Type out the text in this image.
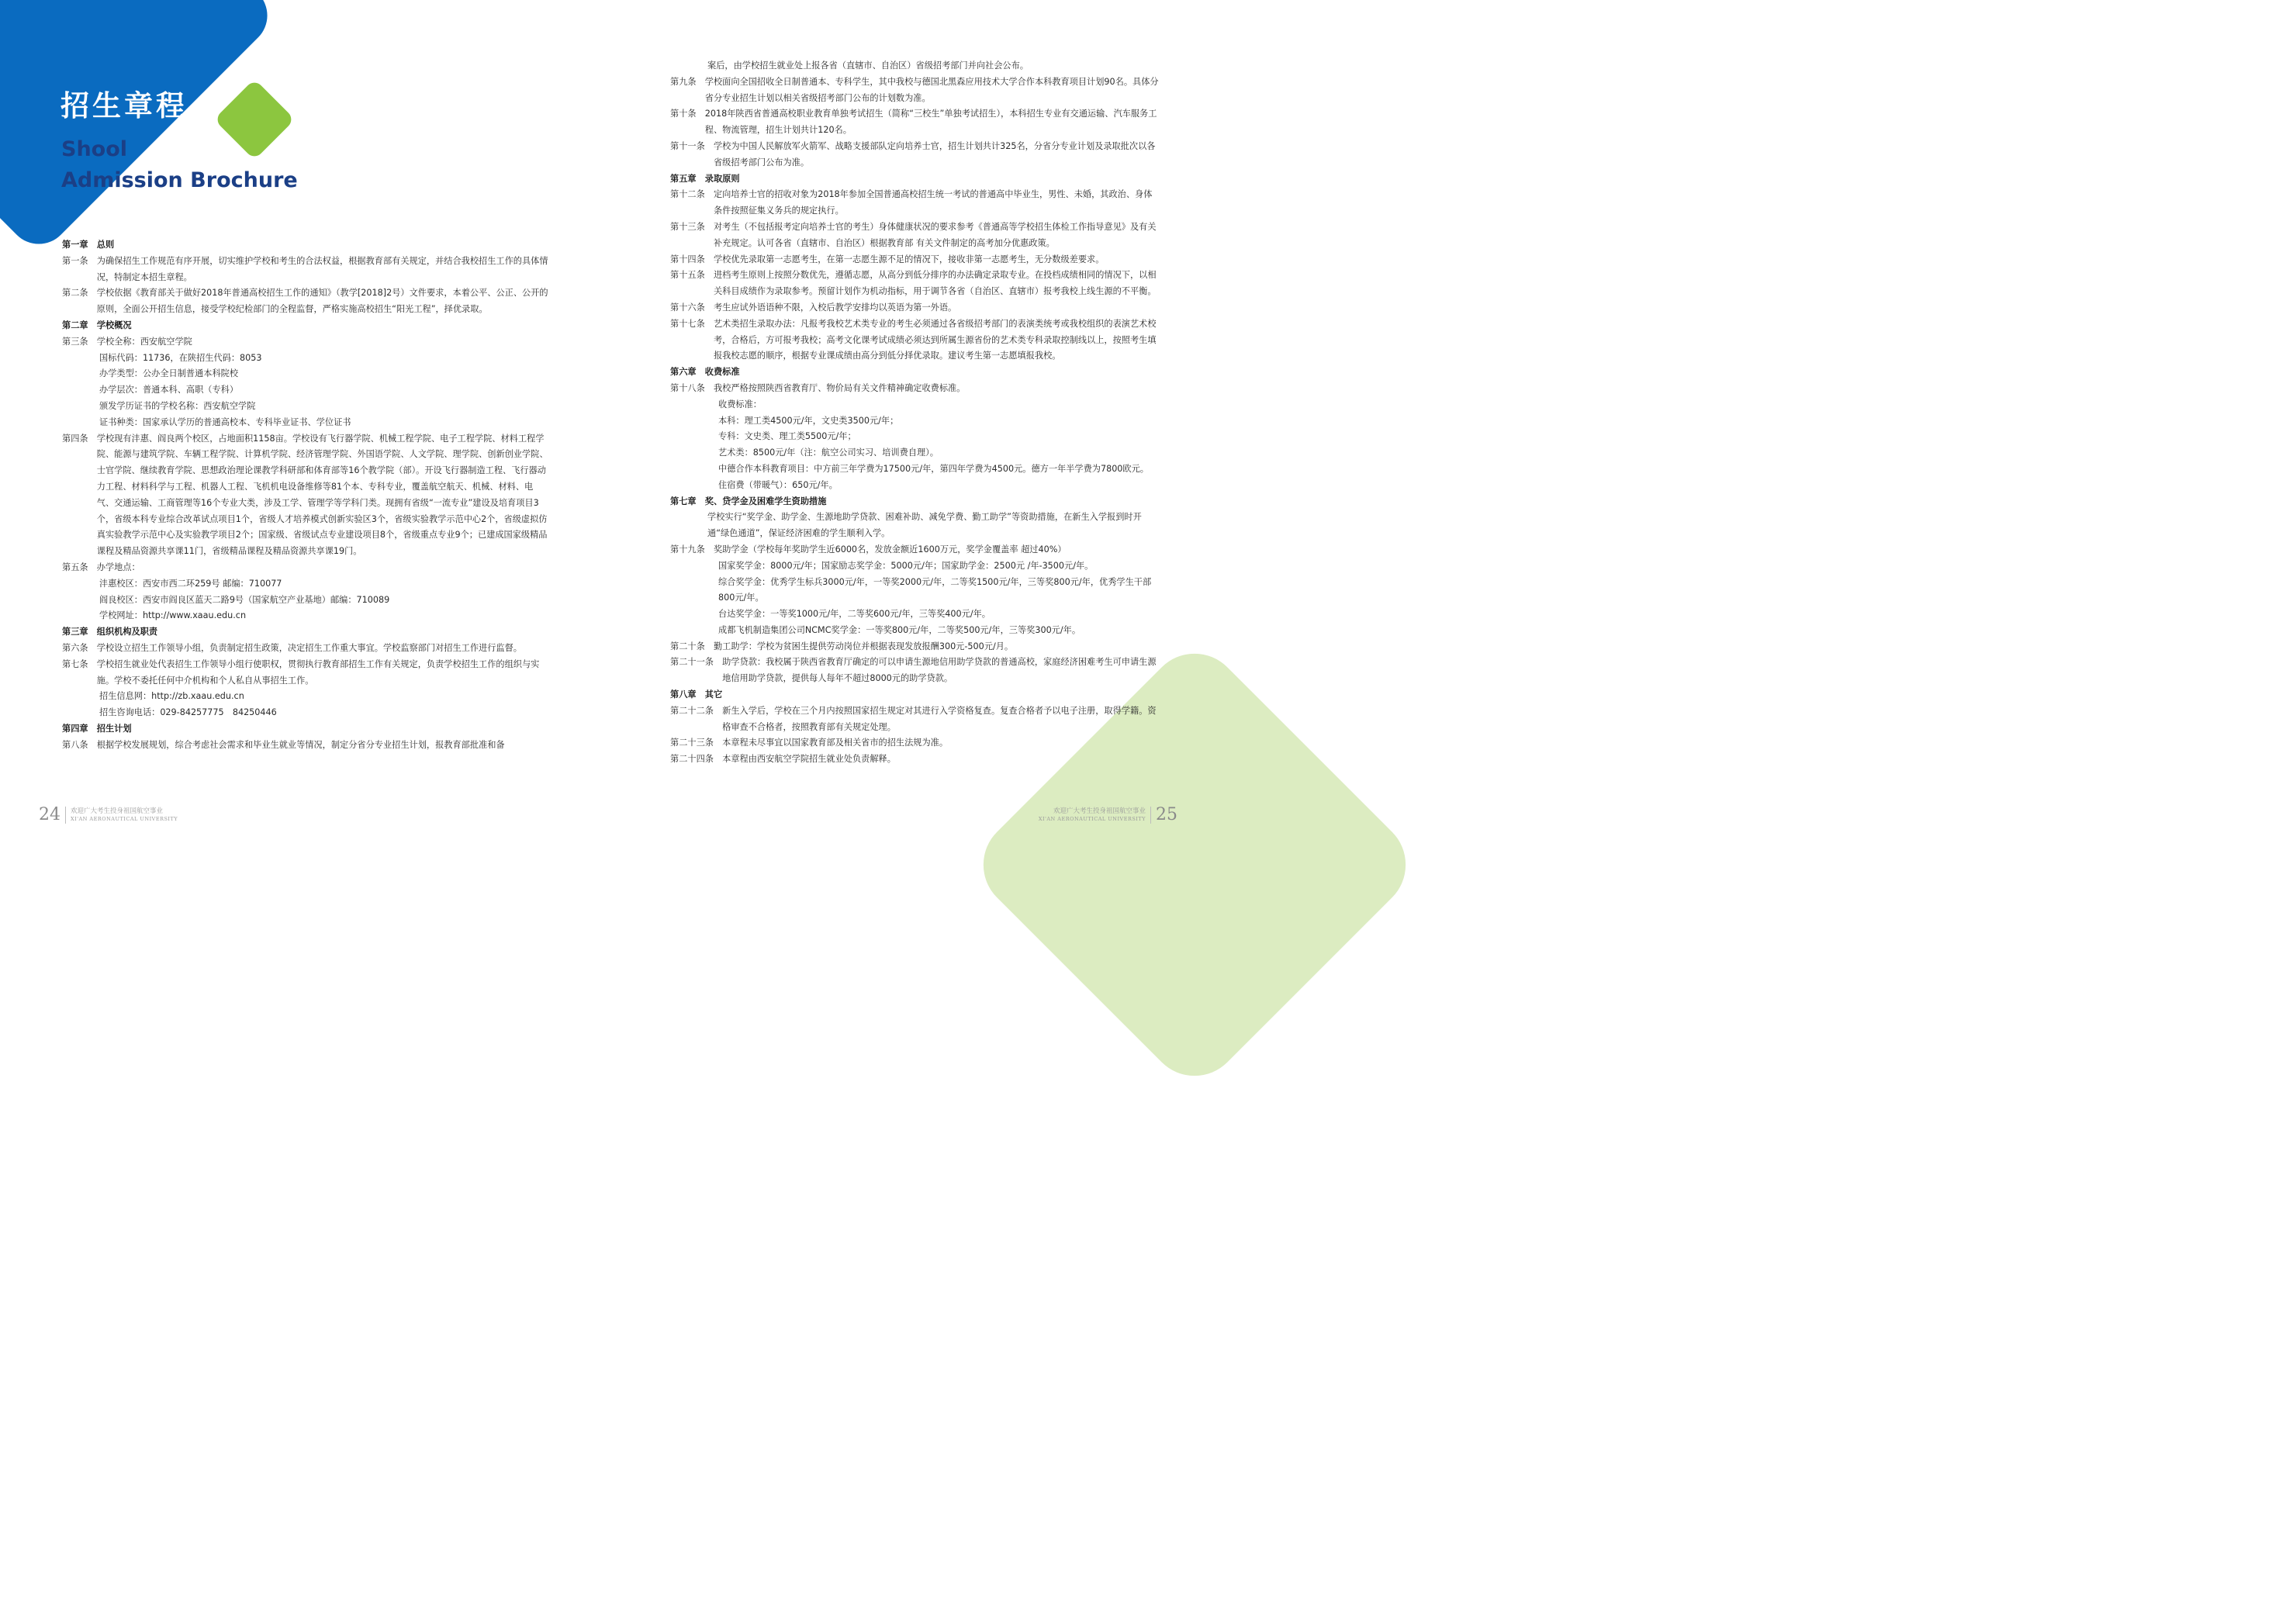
招生章程
Shool
Admission Brochure
第一章　总则
第一条　 为确保招生工作规范有序开展，切实维护学校和考生的合法权益，根据教育部有关规定，并结合我校招生工作的具体情况，特制定本招生章程。
第二条　 学校依据《教育部关于做好2018年普通高校招生工作的通知》（教学[2018]2号）文件要求，本着公平、公正、公开的原则，全面公开招生信息，接受学校纪检部门的全程监督，严格实施高校招生“阳光工程”，择优录取。
第二章　学校概况
第三条　 学校全称：西安航空学院
国标代码：11736，在陕招生代码：8053
办学类型：公办全日制普通本科院校
办学层次：普通本科、高职（专科）
颁发学历证书的学校名称：西安航空学院
证书种类：国家承认学历的普通高校本、专科毕业证书、学位证书
第四条　 学校现有沣惠、阎良两个校区，占地面积1158亩。学校设有飞行器学院、机械工程学院、电子工程学院、材料工程学院、能源与建筑学院、车辆工程学院、计算机学院、经济管理学院、外国语学院、人文学院、理学院、创新创业学院、士官学院、继续教育学院、思想政治理论课教学科研部和体育部等16个教学院（部）。开设飞行器制造工程、飞行器动力工程、材料科学与工程、机器人工程、飞机机电设备维修等81个本、专科专业，覆盖航空航天、机械、材料、电气、交通运输、工商管理等16个专业大类，涉及工学、管理学等学科门类。现拥有省级“一流专业”建设及培育项目3个，省级本科专业综合改革试点项目1个，省级人才培养模式创新实验区3个，省级实验教学示范中心2个，省级虚拟仿真实验教学示范中心及实验教学项目2个；国家级、省级试点专业建设项目8个，省级重点专业9个；已建成国家级精品课程及精品资源共享课11门，省级精品课程及精品资源共享课19门。
第五条　 办学地点：
沣惠校区：西安市西二环259号 邮编：710077
阎良校区：西安市阎良区蓝天二路9号（国家航空产业基地）邮编：710089
学校网址：http://www.xaau.edu.cn
第三章　组织机构及职责
第六条　 学校设立招生工作领导小组，负责制定招生政策，决定招生工作重大事宜。学校监察部门对招生工作进行监督。
第七条　 学校招生就业处代表招生工作领导小组行使职权，贯彻执行教育部招生工作有关规定，负责学校招生工作的组织与实施。学校不委托任何中介机构和个人私自从事招生工作。
招生信息网：http://zb.xaau.edu.cn
招生咨询电话：029-84257775　84250446
第四章　招生计划
第八条　 根据学校发展规划，综合考虑社会需求和毕业生就业等情况，制定分省分专业招生计划，报教育部批准和备
24 欢迎广大考生投身祖国航空事业
XI'AN AERONAUTICAL UNIVERSITY
案后，由学校招生就业处上报各省（直辖市、自治区）省级招考部门并向社会公布。
第九条　 学校面向全国招收全日制普通本、专科学生，其中我校与德国北黑森应用技术大学合作本科教育项目计划90名。具体分省分专业招生计划以相关省级招考部门公布的计划数为准。
第十条　 2018年陕西省普通高校职业教育单独考试招生（简称“三校生”单独考试招生），本科招生专业有交通运输、汽车服务工程、物流管理，招生计划共计120名。
第十一条　 学校为中国人民解放军火箭军、战略支援部队定向培养士官，招生计划共计325名，分省分专业计划及录取批次以各省级招考部门公布为准。
第五章　录取原则
第十二条　 定向培养士官的招收对象为2018年参加全国普通高校招生统一考试的普通高中毕业生，男性、未婚，其政治、身体条件按照征集义务兵的规定执行。
第十三条　 对考生（不包括报考定向培养士官的考生）身体健康状况的要求参考《普通高等学校招生体检工作指导意见》及有关补充规定。认可各省（直辖市、自治区）根据教育部 有关文件制定的高考加分优惠政策。
第十四条　 学校优先录取第一志愿考生，在第一志愿生源不足的情况下，接收非第一志愿考生，无分数级差要求。
第十五条　 进档考生原则上按照分数优先，遵循志愿，从高分到低分排序的办法确定录取专业。在投档成绩相同的情况下，以相关科目成绩作为录取参考。预留计划作为机动指标，用于调节各省（自治区、直辖市）报考我校上线生源的不平衡。
第十六条　 考生应试外语语种不限，入校后教学安排均以英语为第一外语。
第十七条　 艺术类招生录取办法：凡报考我校艺术类专业的考生必须通过各省级招考部门的表演类统考或我校组织的表演艺术校考，合格后，方可报考我校；高考文化课考试成绩必须达到所属生源省份的艺术类专科录取控制线以上，按照考生填报我校志愿的顺序，根据专业课成绩由高分到低分择优录取。建议考生第一志愿填报我校。
第六章　收费标准
第十八条　 我校严格按照陕西省教育厅、物价局有关文件精神确定收费标准。
收费标准：
本科：理工类4500元/年，文史类3500元/年；
专科：文史类、理工类5500元/年；
艺术类：8500元/年（注：航空公司实习、培训费自理）。
中德合作本科教育项目：中方前三年学费为17500元/年，第四年学费为4500元。德方一年半学费为7800欧元。
住宿费（带暖气）：650元/年。
第七章　奖、贷学金及困难学生资助措施
学校实行“奖学金、助学金、生源地助学贷款、困难补助、减免学费、勤工助学”等资助措施，在新生入学报到时开通“绿色通道”，保证经济困难的学生顺利入学。
第十九条　 奖助学金（学校每年奖助学生近6000名，发放金额近1600万元，奖学金覆盖率 超过40%）
国家奖学金：8000元/年；国家励志奖学金：5000元/年；国家助学金：2500元 /年-3500元/年。
综合奖学金：优秀学生标兵3000元/年，一等奖2000元/年，二等奖1500元/年，三等奖800元/年，优秀学生干部800元/年。
台达奖学金：一等奖1000元/年，二等奖600元/年，三等奖400元/年。
成都飞机制造集团公司NCMC奖学金：一等奖800元/年，二等奖500元/年，三等奖300元/年。
第二十条　 勤工助学：学校为贫困生提供劳动岗位并根据表现发放报酬300元-500元/月。
第二十一条　 助学贷款：我校属于陕西省教育厅确定的可以申请生源地信用助学贷款的普通高校，家庭经济困难考生可申请生源地信用助学贷款，提供每人每年不超过8000元的助学贷款。
第八章　其它
第二十二条　 新生入学后，学校在三个月内按照国家招生规定对其进行入学资格复查。复查合格者予以电子注册，取得学籍。资格审查不合格者，按照教育部有关规定处理。
第二十三条　 本章程未尽事宜以国家教育部及相关省市的招生法规为准。
第二十四条　 本章程由西安航空学院招生就业处负责解释。
欢迎广大考生投身祖国航空事业
XI'AN AERONAUTICAL UNIVERSITY 25
